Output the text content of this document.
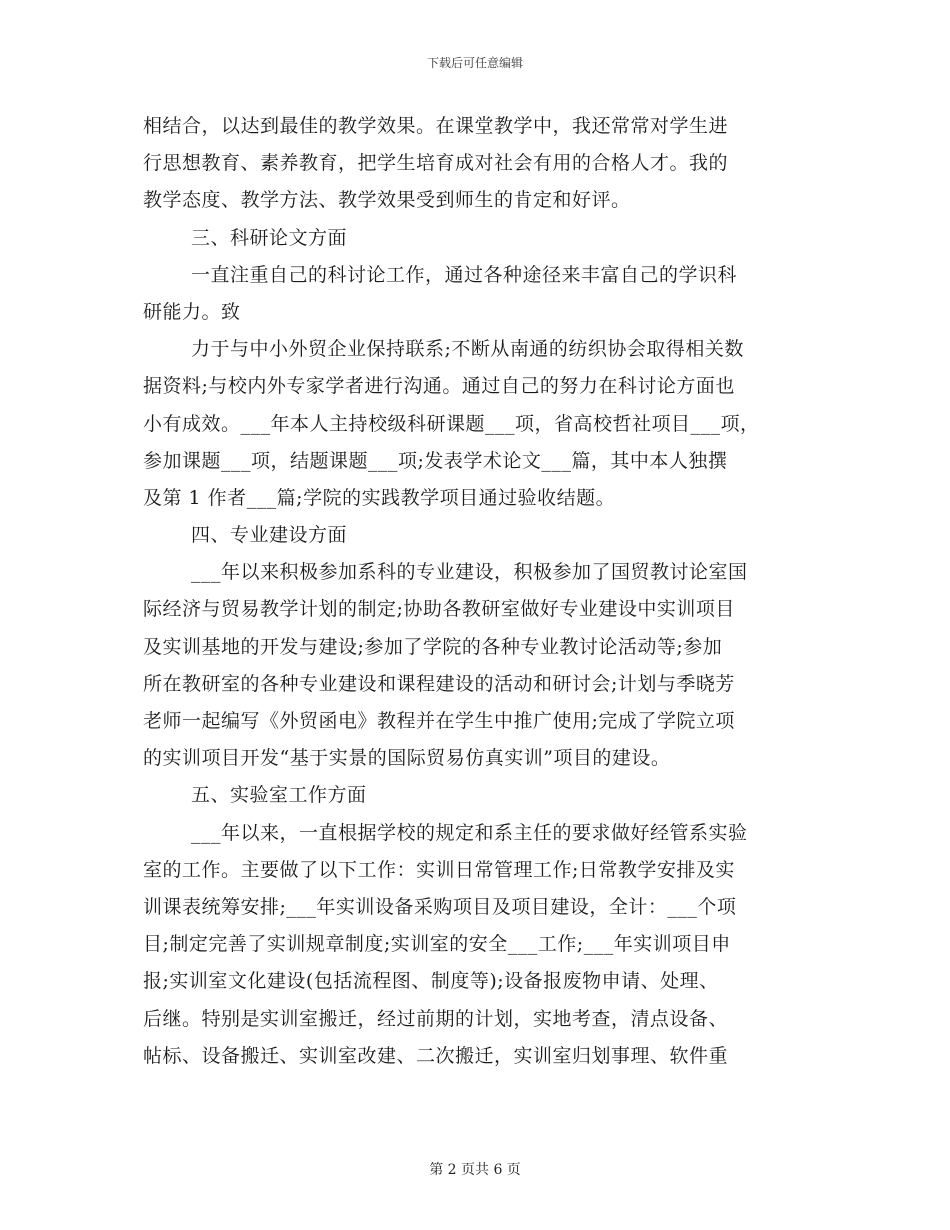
下载后可任意编辑
相结合，以达到最佳的教学效果。在课堂教学中，我还常常对学生进
行思想教育、素养教育，把学生培育成对社会有用的合格人才。我的
教学态度、教学方法、教学效果受到师生的肯定和好评。
三、科研论文方面
一直注重自己的科讨论工作，通过各种途径来丰富自己的学识科
研能力。致
力于与中小外贸企业保持联系;不断从南通的纺织协会取得相关数
据资料;与校内外专家学者进行沟通。通过自己的努力在科讨论方面也
小有成效。___年本人主持校级科研课题___项，省高校哲社项目___项，
参加课题___项，结题课题___项;发表学术论文___篇，其中本人独撰
及第 1 作者___篇;学院的实践教学项目通过验收结题。
四、专业建设方面
___年以来积极参加系科的专业建设，积极参加了国贸教讨论室国
际经济与贸易教学计划的制定;协助各教研室做好专业建设中实训项目
及实训基地的开发与建设;参加了学院的各种专业教讨论活动等;参加
所在教研室的各种专业建设和课程建设的活动和研讨会;计划与季晓芳
老师一起编写《外贸函电》教程并在学生中推广使用;完成了学院立项
的实训项目开发“基于实景的国际贸易仿真实训”项目的建设。
五、实验室工作方面
___年以来，一直根据学校的规定和系主任的要求做好经管系实验
室的工作。主要做了以下工作：实训日常管理工作;日常教学安排及实
训课表统筹安排;___年实训设备采购项目及项目建设，全计：___个项
目;制定完善了实训规章制度;实训室的安全___工作;___年实训项目申
报;实训室文化建设(包括流程图、制度等);设备报废物申请、处理、
后继。特别是实训室搬迁，经过前期的计划，实地考查，清点设备、
帖标、设备搬迁、实训室改建、二次搬迁，实训室归划事理、软件重
第 2 页共 6 页
